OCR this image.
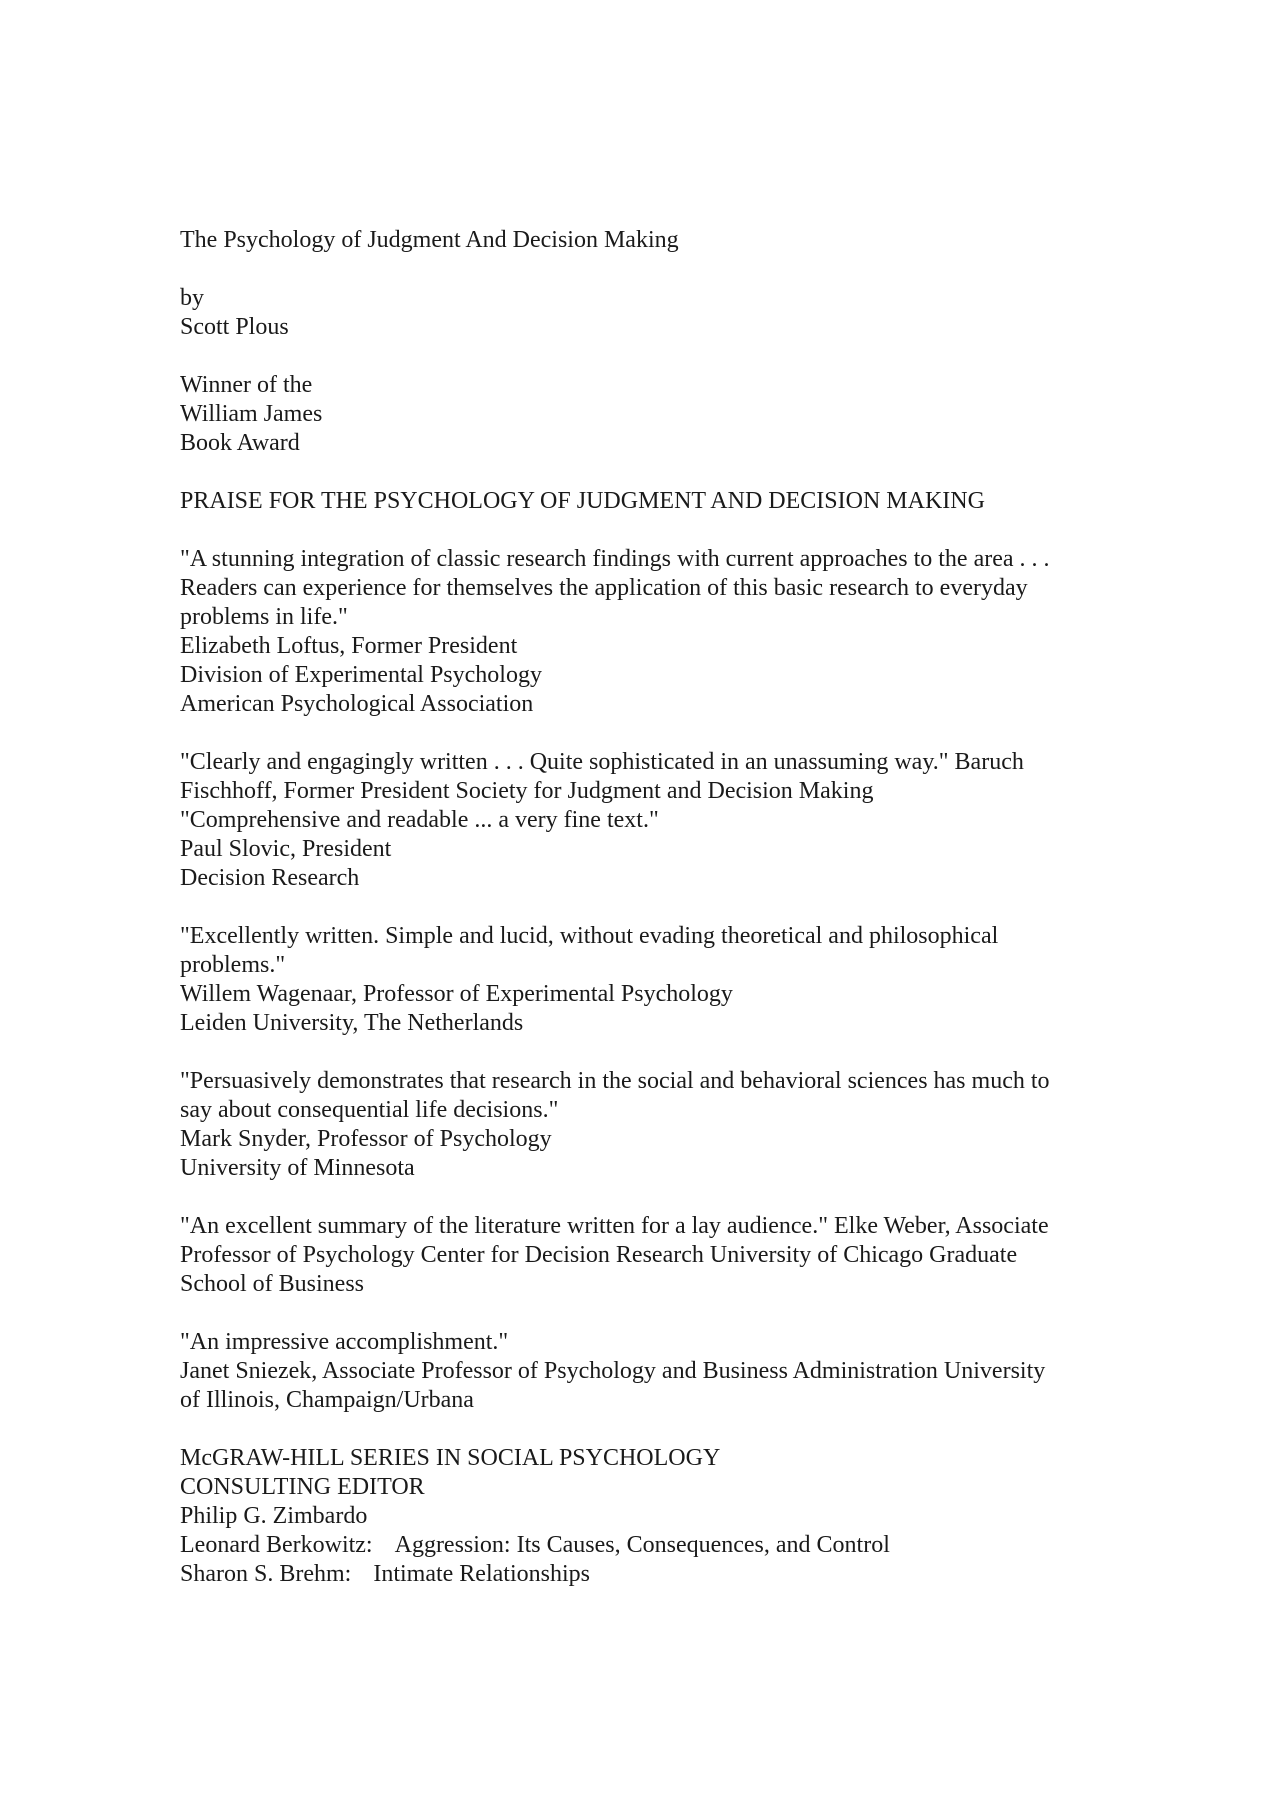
The Psychology of Judgment And Decision Making
by
Scott Plous
Winner of the
William James
Book Award
PRAISE FOR THE PSYCHOLOGY OF JUDGMENT AND DECISION MAKING
"A stunning integration of classic research findings with current approaches to the area . . .
Readers can experience for themselves the application of this basic research to everyday
problems in life."
Elizabeth Loftus, Former President
Division of Experimental Psychology
American Psychological Association
"Clearly and engagingly written . . . Quite sophisticated in an unassuming way." Baruch
Fischhoff, Former President Society for Judgment and Decision Making
"Comprehensive and readable ... a very fine text."
Paul Slovic, President
Decision Research
"Excellently written. Simple and lucid, without evading theoretical and philosophical
problems."
Willem Wagenaar, Professor of Experimental Psychology
Leiden University, The Netherlands
"Persuasively demonstrates that research in the social and behavioral sciences has much to
say about consequential life decisions."
Mark Snyder, Professor of Psychology
University of Minnesota
"An excellent summary of the literature written for a lay audience." Elke Weber, Associate
Professor of Psychology Center for Decision Research University of Chicago Graduate
School of Business
"An impressive accomplishment."
Janet Sniezek, Associate Professor of Psychology and Business Administration University
of Illinois, Champaign/Urbana
McGRAW-HILL SERIES IN SOCIAL PSYCHOLOGY
CONSULTING EDITOR
Philip G. Zimbardo
Leonard Berkowitz: Aggression: Its Causes, Consequences, and Control
Sharon S. Brehm: Intimate Relationships
